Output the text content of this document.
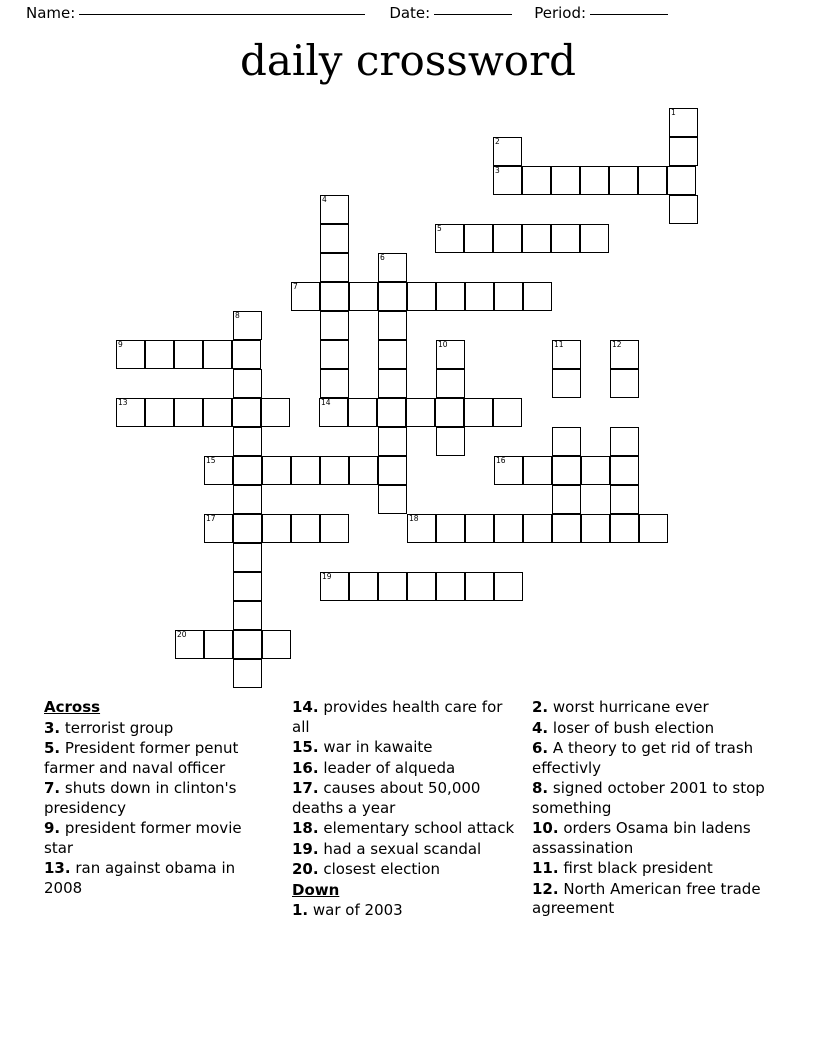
Name:	Date:	Period:
daily crossword
1
2
3
4
5
6
7
8
9	10	11	12
13	14
15	16
17	18
19
20
Across
3. terrorist group
5. President former penut farmer and naval officer
7. shuts down in clinton's presidency
9. president former movie star
13. ran against obama in 2008
14. provides health care for all
15. war in kawaite
16. leader of alqueda
17. causes about 50,000 deaths a year
18. elementary school attack
19. had a sexual scandal
20. closest election
Down
1. war of 2003
2. worst hurricane ever
4. loser of bush election
6. A theory to get rid of trash effectivly
8. signed october 2001 to stop something
10. orders Osama bin ladens assassination
11. first black president
12. North American free trade agreement
